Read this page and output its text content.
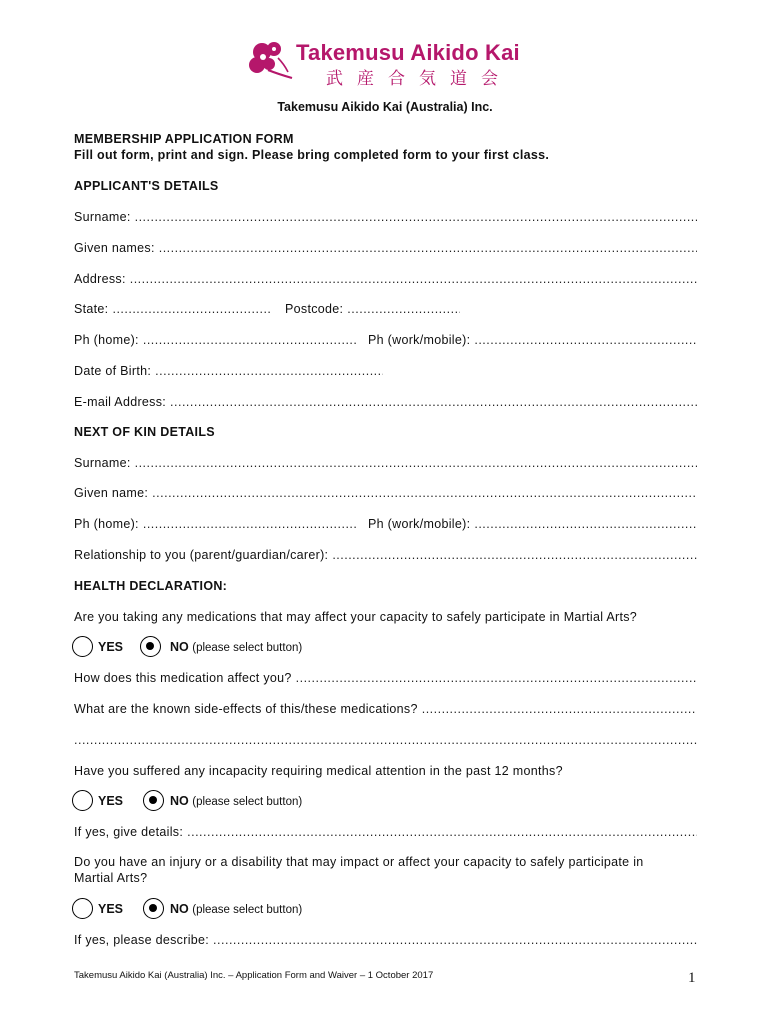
Takemusu Aikido Kai
武産合気道会
Takemusu Aikido Kai (Australia) Inc.
MEMBERSHIP APPLICATION FORM
Fill out form, print and sign. Please bring completed form to your first class.
APPLICANT'S DETAILS
Surname:
.....
Given names:
.....
Address:
.....
State: .....	Postcode:
.....
Ph (home): .....	Ph (work/mobile):
.....
Date of Birth:
.....
E-mail Address:
.....
NEXT OF KIN DETAILS
Surname:
.....
Given name:
.....
Ph (home): .....	Ph (work/mobile):
.....
Relationship to you (parent/guardian/carer):
.....
HEALTH DECLARATION:
Are you taking any medications that may affect your capacity to safely participate in Martial Arts?
YES	NO (please select button)
How does this medication affect you?
.....
What are the known side-effects of this/these medications?
.....
.....
Have you suffered any incapacity requiring medical attention in the past 12 months?
YES	NO (please select button)
If yes, give details:
.....
Do you have an injury or a disability that may impact or affect your capacity to safely participate in
Martial Arts?
YES	NO (please select button)
If yes, please describe:
.....
Takemusu Aikido Kai (Australia) Inc. – Application Form and Waiver – 1 October 2017	1
